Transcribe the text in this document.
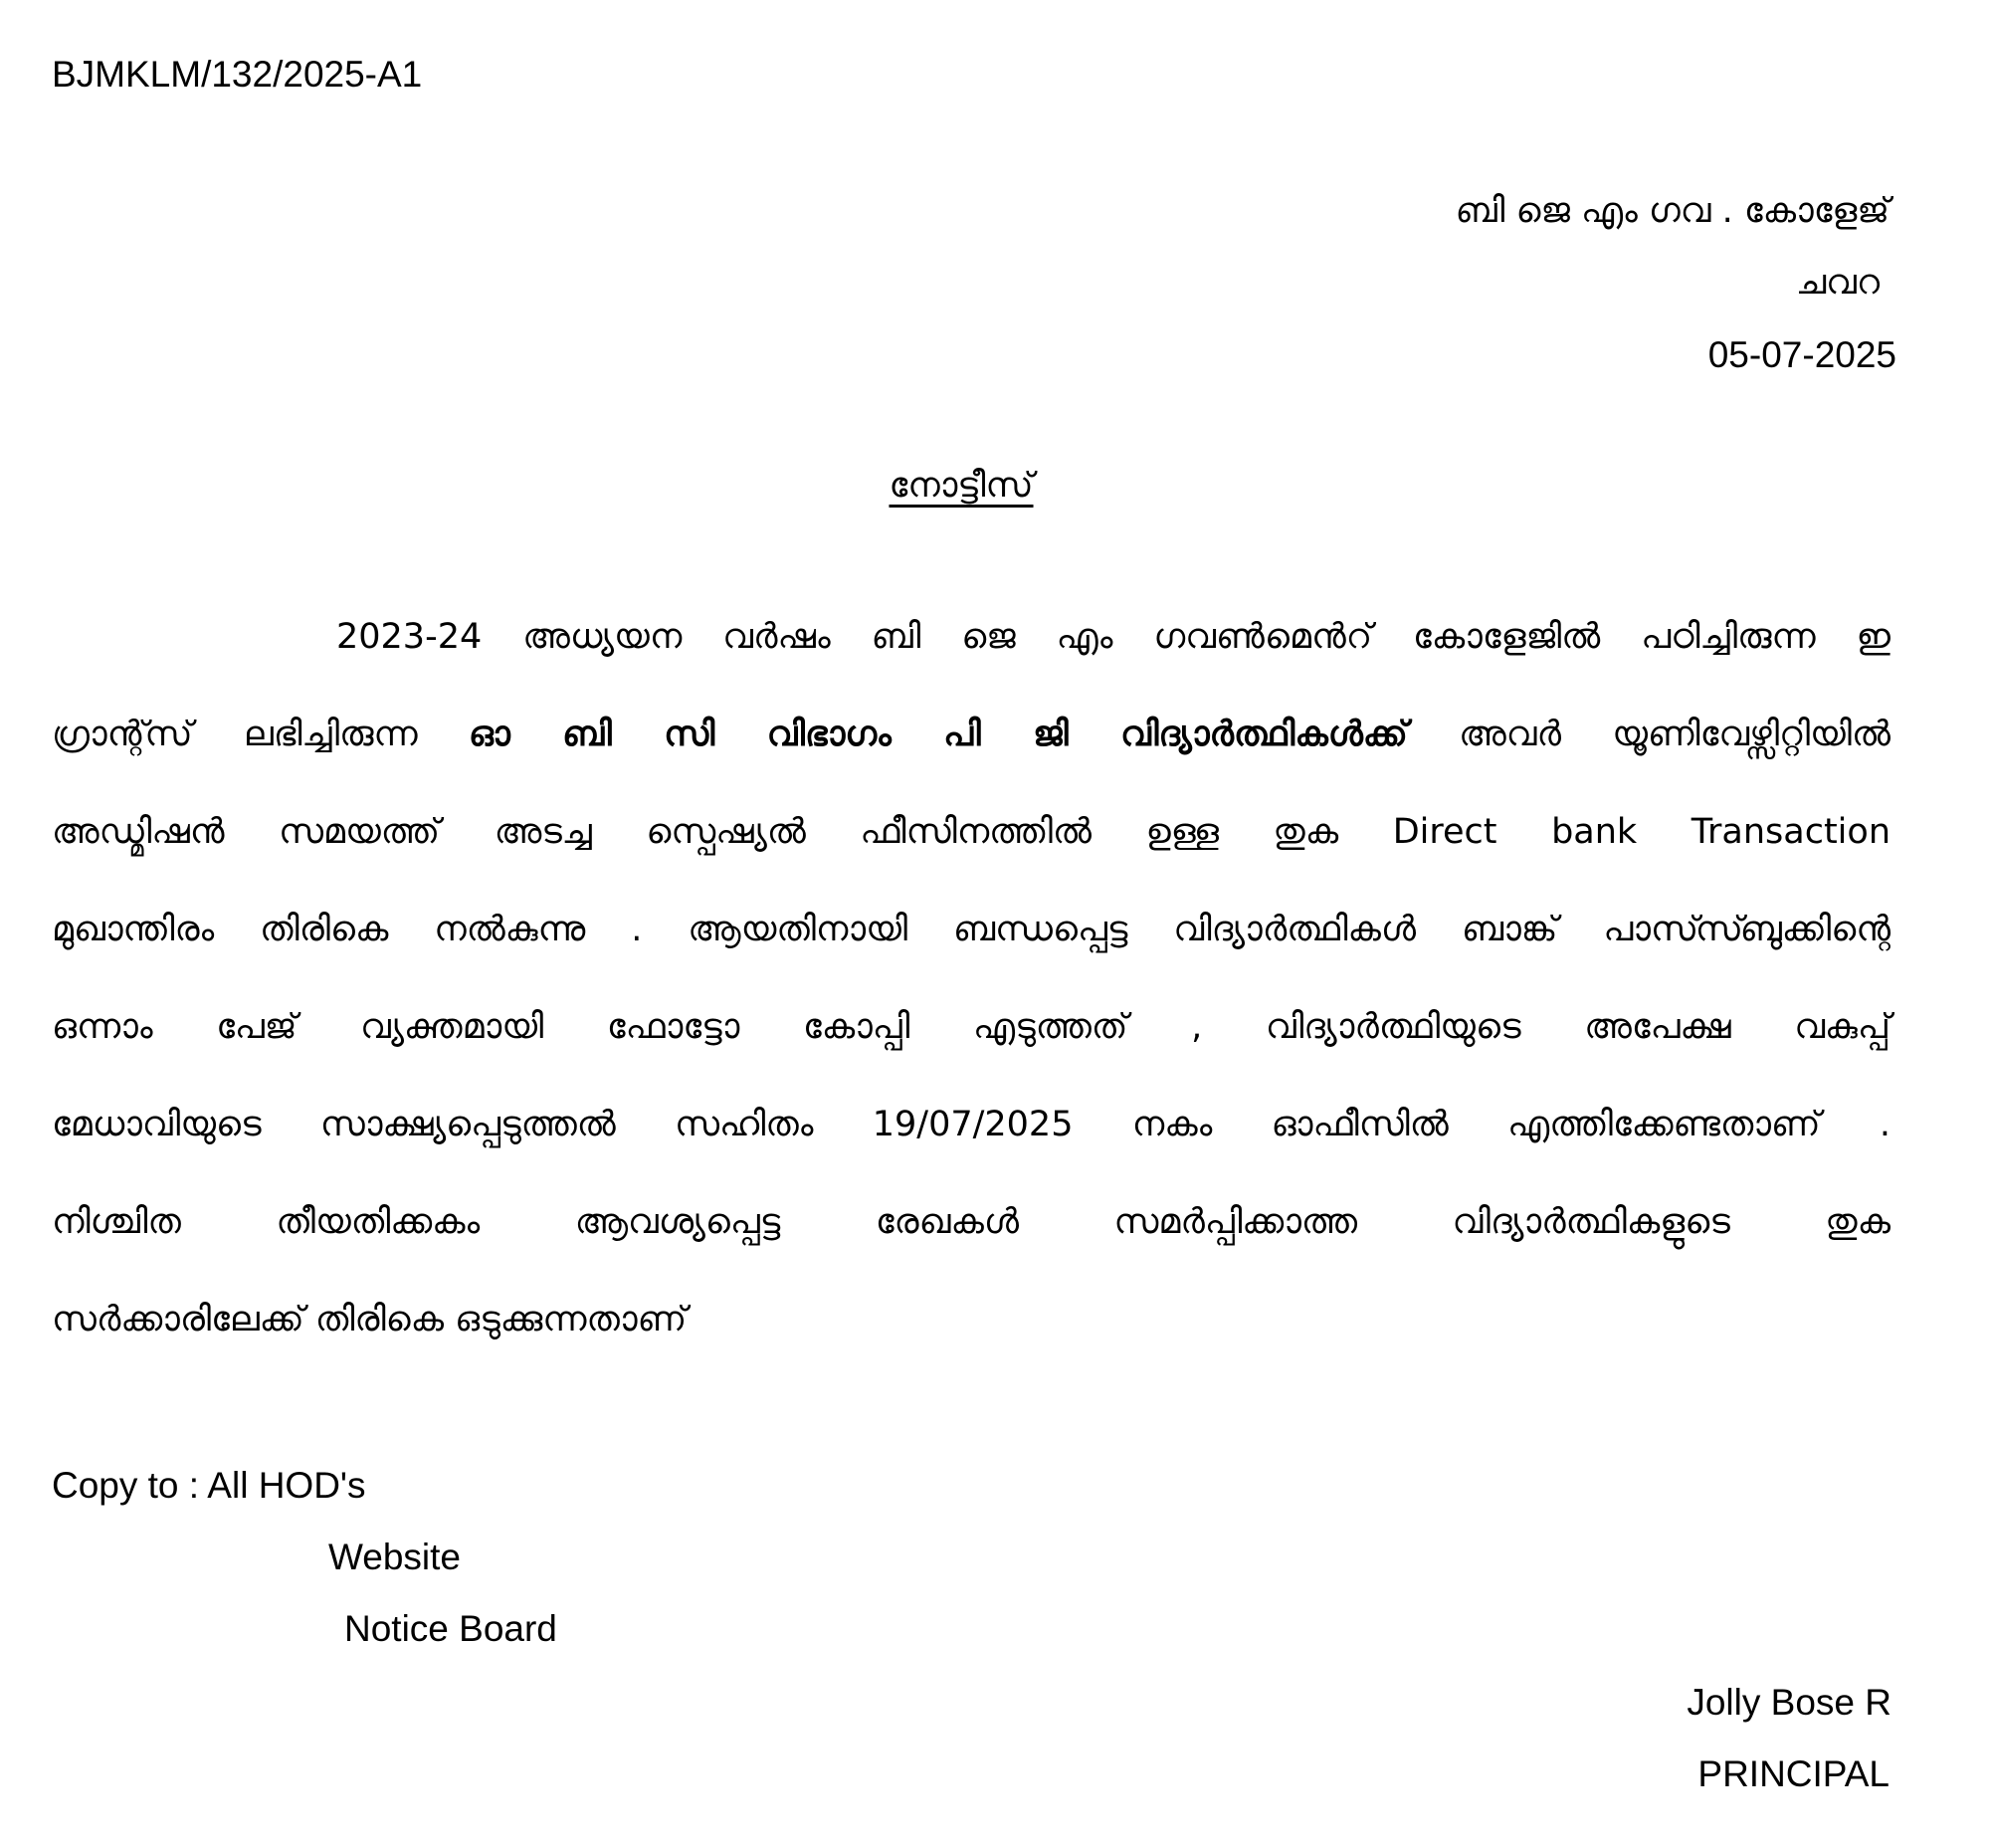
BJMKLM/132/2025-A1
ബി ജെ എം ഗവ . കോളേജ്
ചവറ
05-07-2025
നോട്ടീസ്
2023-24 അധ്യയന വർഷം ബി ജെ എം ഗവൺമെൻറ് കോളേജിൽ പഠിച്ചിരുന്ന ഇ
ഗ്രാന്റ്സ് ലഭിച്ചിരുന്ന ഓ ബി സി വിഭാഗം പി ജി വിദ്യാർത്ഥികൾക്ക് അവർ യൂണിവേഴ്സിറ്റിയിൽ
അഡ്മിഷൻ സമയത്ത് അടച്ച സ്പെഷ്യൽ ഫീസിനത്തിൽ ഉള്ള തുക Direct bank Transaction
മുഖാന്തിരം തിരികെ നൽകുന്നു . ആയതിനായി ബന്ധപ്പെട്ട വിദ്യാർത്ഥികൾ ബാങ്ക് പാസ്സ്ബുക്കിന്റെ
ഒന്നാം പേജ് വ്യക്തമായി ഫോട്ടോ കോപ്പി എടുത്തത് , വിദ്യാർത്ഥിയുടെ അപേക്ഷ വകുപ്പ്
മേധാവിയുടെ സാക്ഷ്യപ്പെടുത്തൽ സഹിതം 19/07/2025 നകം ഓഫീസിൽ എത്തിക്കേണ്ടതാണ് .
നിശ്ചിത തീയതിക്കകം ആവശ്യപ്പെട്ട രേഖകൾ സമർപ്പിക്കാത്ത വിദ്യാർത്ഥികളുടെ തുക
സർക്കാരിലേക്ക് തിരികെ ഒടുക്കുന്നതാണ്
Copy to : All HOD's
Website
Notice Board
Jolly Bose R
PRINCIPAL
